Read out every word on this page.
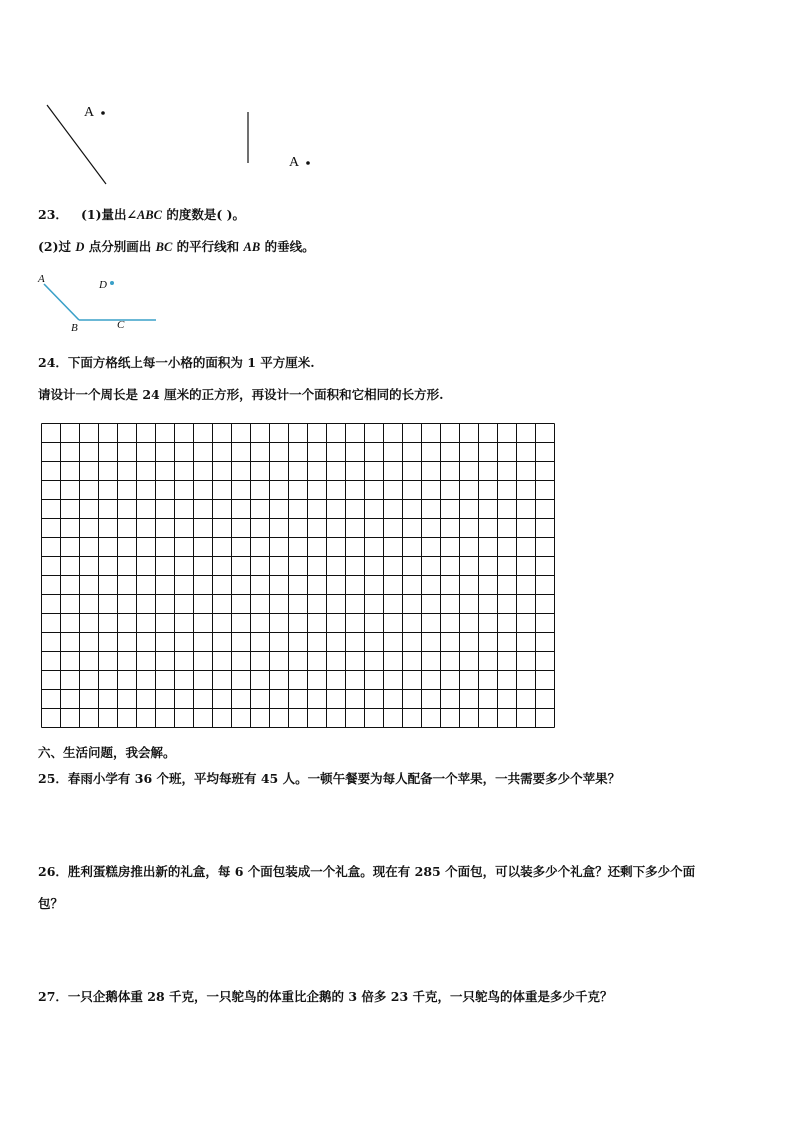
A
A
23． (1)量出∠ABC 的度数是( )。
(2)过 D 点分别画出 BC 的平行线和 AB 的垂线。
A	D
B	C
24．下面方格纸上每一小格的面积为 1 平方厘米.
请设计一个周长是 24 厘米的正方形，再设计一个面积和它相同的长方形.
六、生活问题，我会解。
25．春雨小学有 36 个班，平均每班有 45 人。一顿午餐要为每人配备一个苹果，一共需要多少个苹果？
26．胜利蛋糕房推出新的礼盒，每 6 个面包装成一个礼盒。现在有 285 个面包，可以装多少个礼盒？还剩下多少个面
包？
27．一只企鹅体重 28 千克，一只鸵鸟的体重比企鹅的 3 倍多 23 千克，一只鸵鸟的体重是多少千克？
